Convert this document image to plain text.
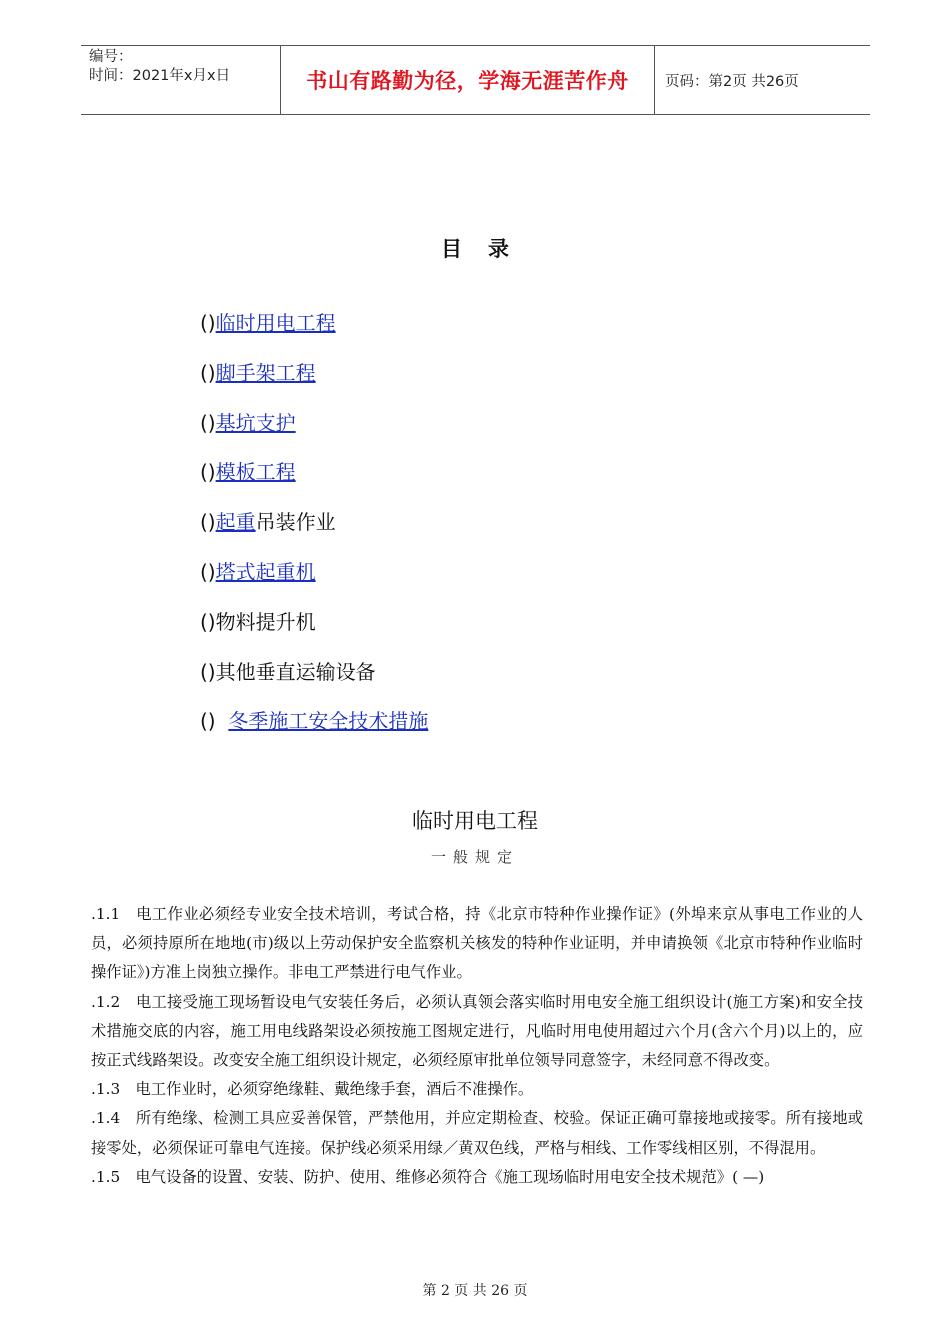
编号：
时间：2021年x月x日	书山有路勤为径，学海无涯苦作舟	页码：第2页 共26页
目 录
()临时用电工程
()脚手架工程
()基坑支护
()模板工程
()起重吊装作业
()塔式起重机
()物料提升机
()其他垂直运输设备
()  冬季施工安全技术措施
临时用电工程
一般规定

.1.1　电工作业必须经专业安全技术培训，考试合格，持《北京市特种作业操作证》(外埠来京从事电工作业的人员，必须持原所在地地(市)级以上劳动保护安全监察机关核发的特种作业证明，并申请换领《北京市特种作业临时操作证》)方准上岗独立操作。非电工严禁进行电气作业。

.1.2　电工接受施工现场暂设电气安装任务后，必须认真领会落实临时用电安全施工组织设计(施工方案)和安全技术措施交底的内容，施工用电线路架设必须按施工图规定进行，凡临时用电使用超过六个月(含六个月)以上的，应按正式线路架设。改变安全施工组织设计规定，必须经原审批单位领导同意签字，未经同意不得改变。

.1.3　电工作业时，必须穿绝缘鞋、戴绝缘手套，酒后不准操作。

.1.4　所有绝缘、检测工具应妥善保管，严禁他用，并应定期检查、校验。保证正确可靠接地或接零。所有接地或接零处，必须保证可靠电气连接。保护线必须采用绿／黄双色线，严格与相线、工作零线相区别，不得混用。

.1.5　电气设备的设置、安装、防护、使用、维修必须符合《施工现场临时用电安全技术规范》( —)

第 2 页 共 26 页
